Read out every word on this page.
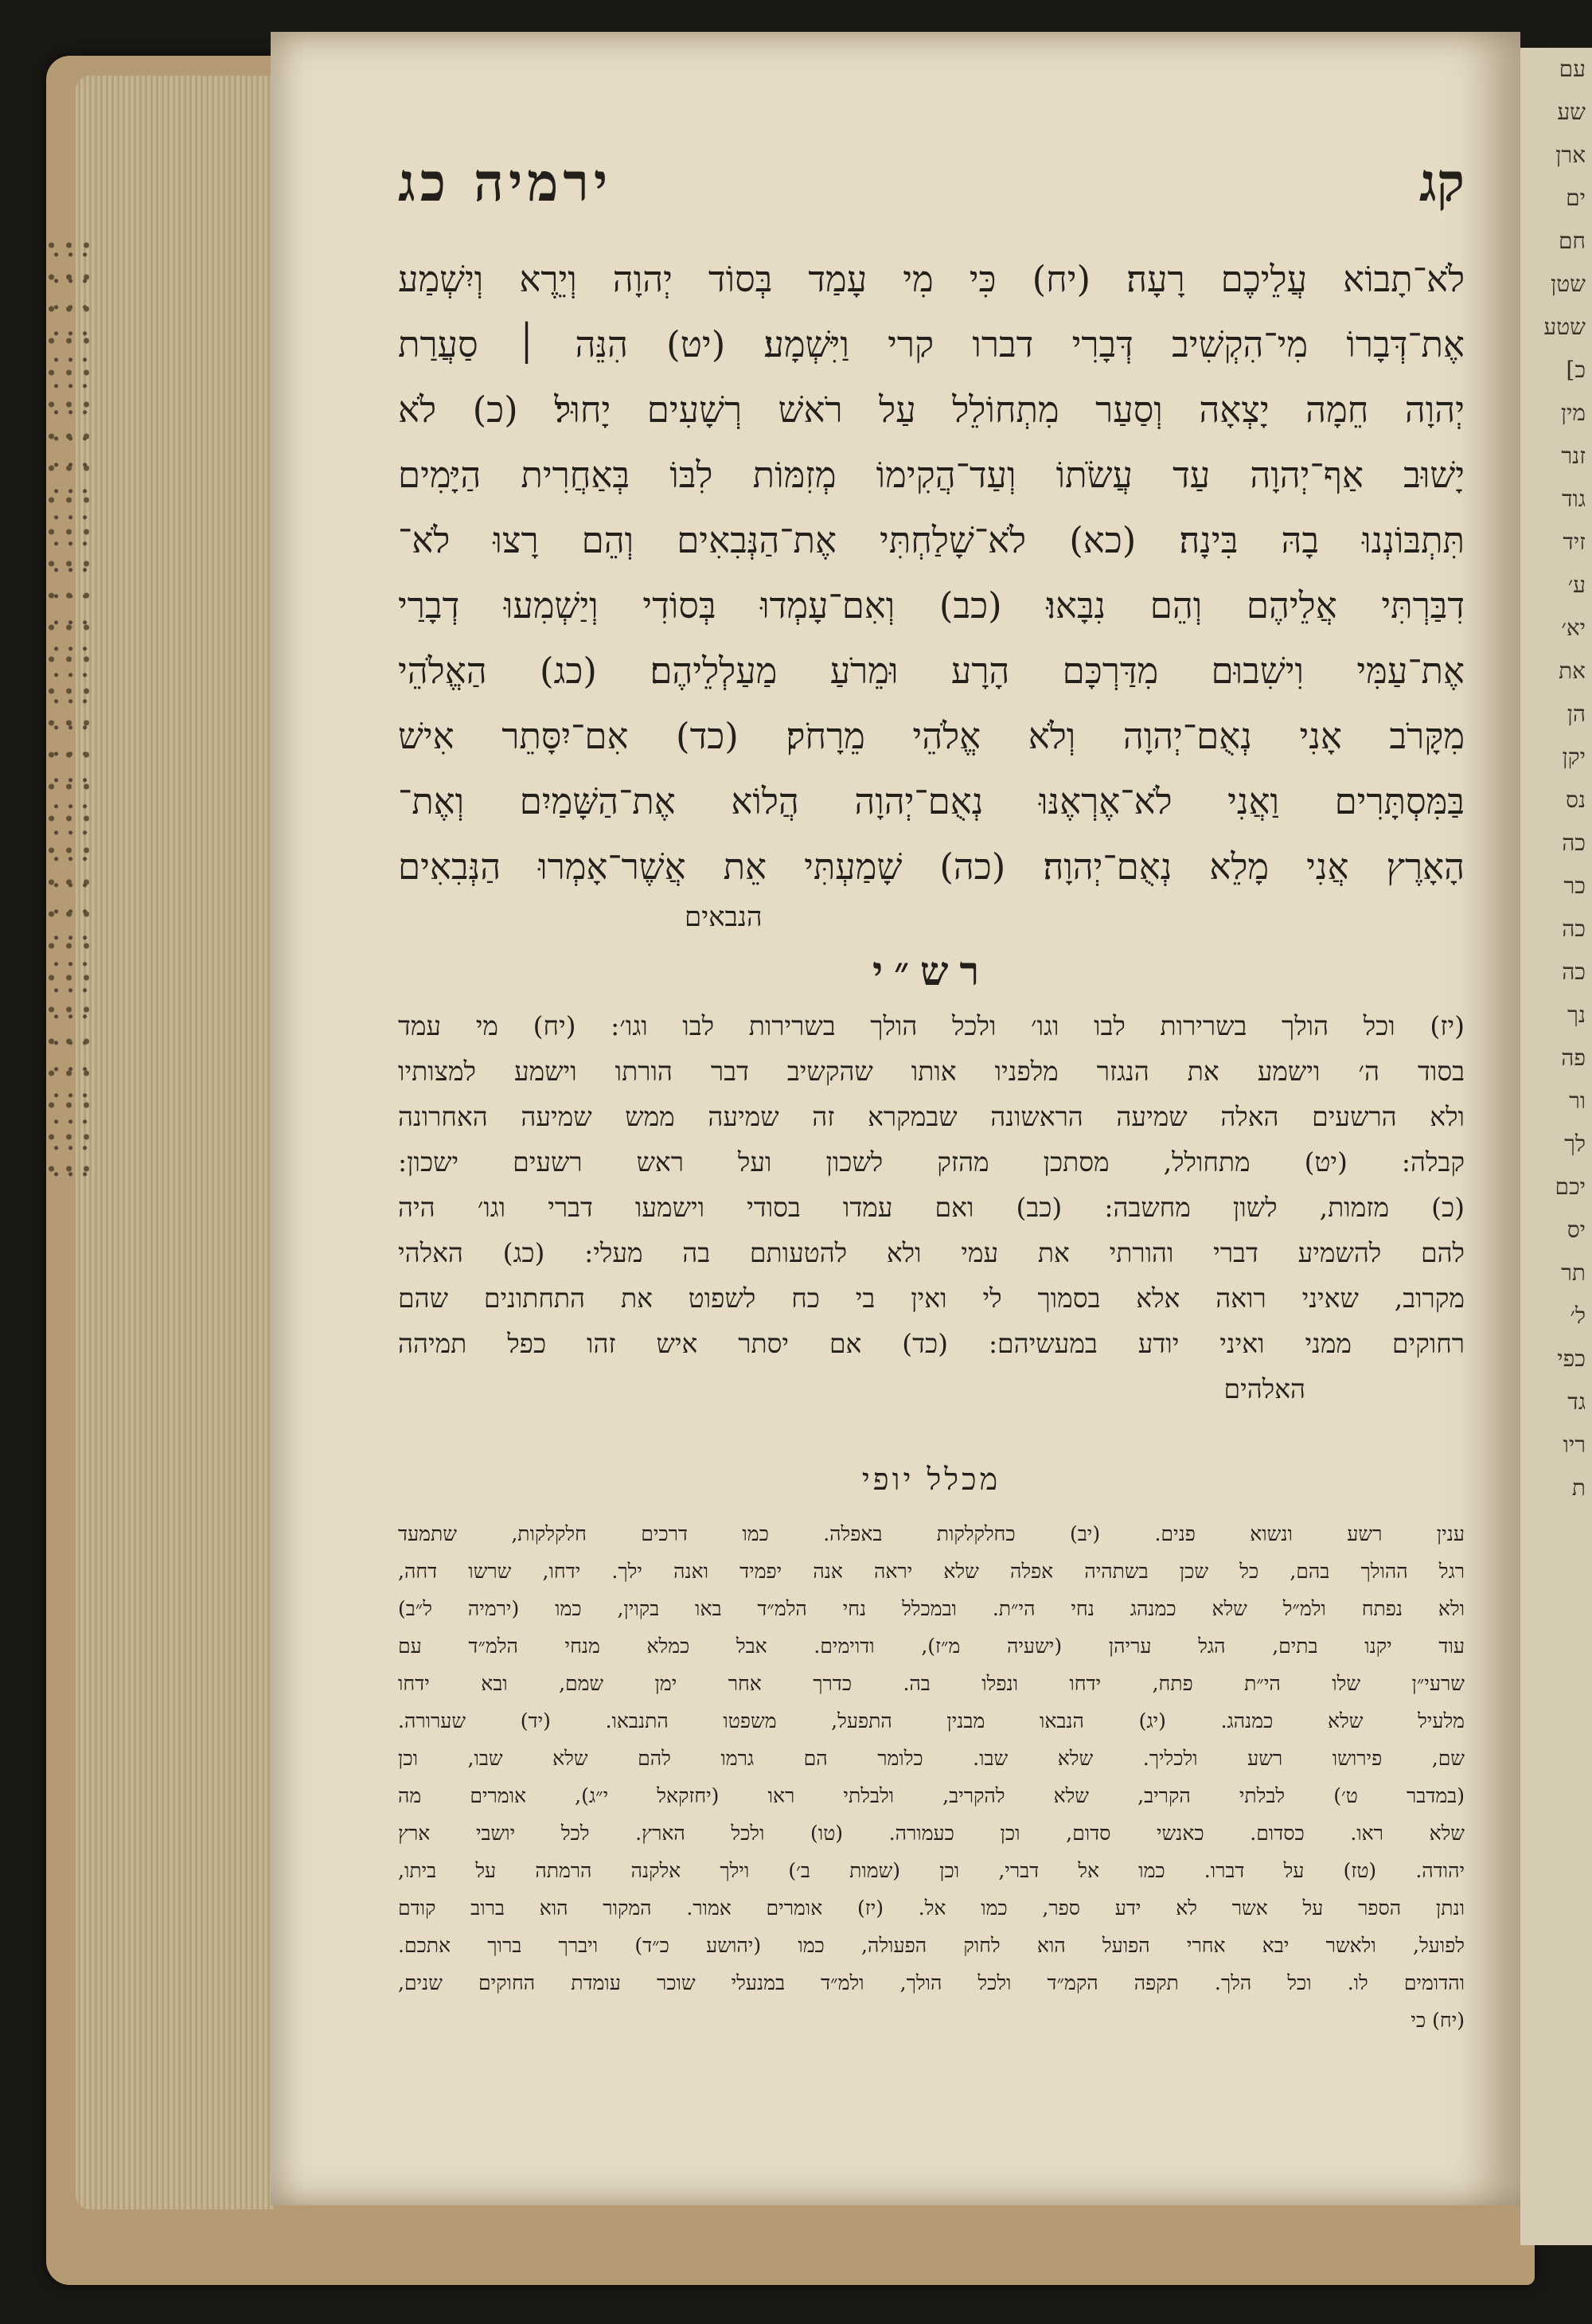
קג
ירמיה כג
לֹא־תָבוֹא עֲלֵיכֶם רָעָה׃ (יח) כִּי מִי עָמַד בְּסוֹד יְהוָה וְיֵרֶא וְיִשְׁמַע
אֶת־דְּבָרוֹ מִי־הִקְשִׁיב דְּבָרִי דברו קרי וַיִּשְׁמָע׃ (יט) הִנֵּה ׀ סַעֲרַת
יְהוָה חֵמָה יָצְאָה וְסַעַר מִתְחוֹלֵל עַל רֹאשׁ רְשָׁעִים יָחוּל׃ (כ) לֹא
יָשׁוּב אַף־יְהוָה עַד עֲשֹׂתוֹ וְעַד־הֲקִימוֹ מְזִמּוֹת לִבּוֹ בְּאַחֲרִית הַיָּמִים
תִּתְבּוֹנְנוּ בָהּ בִּינָה׃ (כא) לֹא־שָׁלַחְתִּי אֶת־הַנְּבִאִים וְהֵם רָצוּ לֹא־
דִבַּרְתִּי אֲלֵיהֶם וְהֵם נִבָּאוּ׃ (כב) וְאִם־עָמְדוּ בְּסוֹדִי וְיַשְׁמִעוּ דְבָרַי
אֶת־עַמִּי וִישִׁבוּם מִדַּרְכָּם הָרָע וּמֵרֹעַ מַעַלְלֵיהֶם׃ (כג) הַאֱלֹהֵי
מִקָּרֹב אָנִי נְאֻם־יְהוָה וְלֹא אֱלֹהֵי מֵרָחֹק׃ (כד) אִם־יִסָּתֵר אִישׁ
בַּמִּסְתָּרִים וַאֲנִי לֹא־אֶרְאֶנּוּ נְאֻם־יְהוָה הֲלוֹא אֶת־הַשָּׁמַיִם וְאֶת־
הָאָרֶץ אֲנִי מָלֵא נְאֻם־יְהוָה׃ (כה) שָׁמַעְתִּי אֵת אֲשֶׁר־אָמְרוּ הַנְּבִאִים
הנבאים
רש״י
(יז) וכל הולך בשרירות לבו וגו׳ ולכל הולך בשרירות לבו וגו׳: (יח) מי עמד
בסוד ה׳ וישמע את הנגזר מלפניו אותו שהקשיב דבר הורתו וישמע למצותיו
ולא הרשעים האלה שמיעה הראשונה שבמקרא זה שמיעה ממש שמיעה האחרונה
קבלה: (יט) מתחולל, מסתכן מהזק לשכון ועל ראש רשעים ישכון:
(כ) מזמות, לשון מחשבה: (כב) ואם עמדו בסודי וישמעו דברי וגו׳ היה
להם להשמיע דברי והורתי את עמי ולא להטעותם בה מעלי: (כג) האלהי
מקרוב, שאיני רואה אלא בסמוך לי ואין בי כח לשפוט את התחתונים שהם
רחוקים ממני ואיני יודע במעשיהם: (כד) אם יסתר איש זהו כפל תמיהה
האלהים
מכלל יופי
ענין רשע ונשוא פנים. (יב) כחלקלקות באפלה. כמו דרכים חלקלקות, שתמעד
רגל ההולך בהם, כל שכן בשתהיה אפלה שלא יראה אנה יפמיד ואנה ילך. ידחו, שרשו דחה,
ולא נפתח ולמ״ל שלא כמנהג נחי הי״ת. ובמכלל נחי הלמ״ד באו בקוין, כמו (ירמיה ל״ב)
עוד יקנו בתים, הגל עריהן (ישעיה מ״ז), ודוימים. אבל כמלא מנחי הלמ״ד עם
שרעי״ן שלו הי״ת פתח, ידחו ונפלו בה. כדרך אחר ימן שמם, ובא ידחו
מלעיל שלא כמנהג. (יג) הנבאו מבנין התפעל, משפטו התנבאו. (יד) שערורה.
שם, פירושו רשע ולכליך. שלא שבו. כלומר הם גרמו להם שלא שבו, וכן
(במדבר ט׳) לבלתי הקריב, שלא להקריב, ולבלתי ראו (יחזקאל י״ג), אומרים מה
שלא ראו. כסדום. כאנשי סדום, וכן כעמורה. (טו) ולכל הארץ. לכל יושבי ארץ
יהודה. (טז) על דברו. כמו אל דברי, וכן (שמות ב׳) וילך אלקנה הרמתה על ביתו,
ונתן הספר על אשר לא ידע ספר, כמו אל. (יז) אומרים אמור. המקור הוא ברוב קודם
לפועל, ולאשר יבא אחרי הפועל הוא לחוק הפעולה, כמו (יהושע כ״ד) ויברך ברוך אתכם.
והדומים לו. וכל הלך. תקפה הקמ״ד ולכל הולך, ולמ״ד במנעלי שוכר עומדת החוקים שנים,
(יח) כי
עם
שע
ארן
ים
חם
שטן
שטע
כ]
מין
זנר
גוד
זיד
ע׳
יא׳
את
הן
יקן
נס
כה
כר
כה
כה
נך
פה
ור
לך
יכם
יס
תר
ל׳
כפי
גד
ריו
ת
